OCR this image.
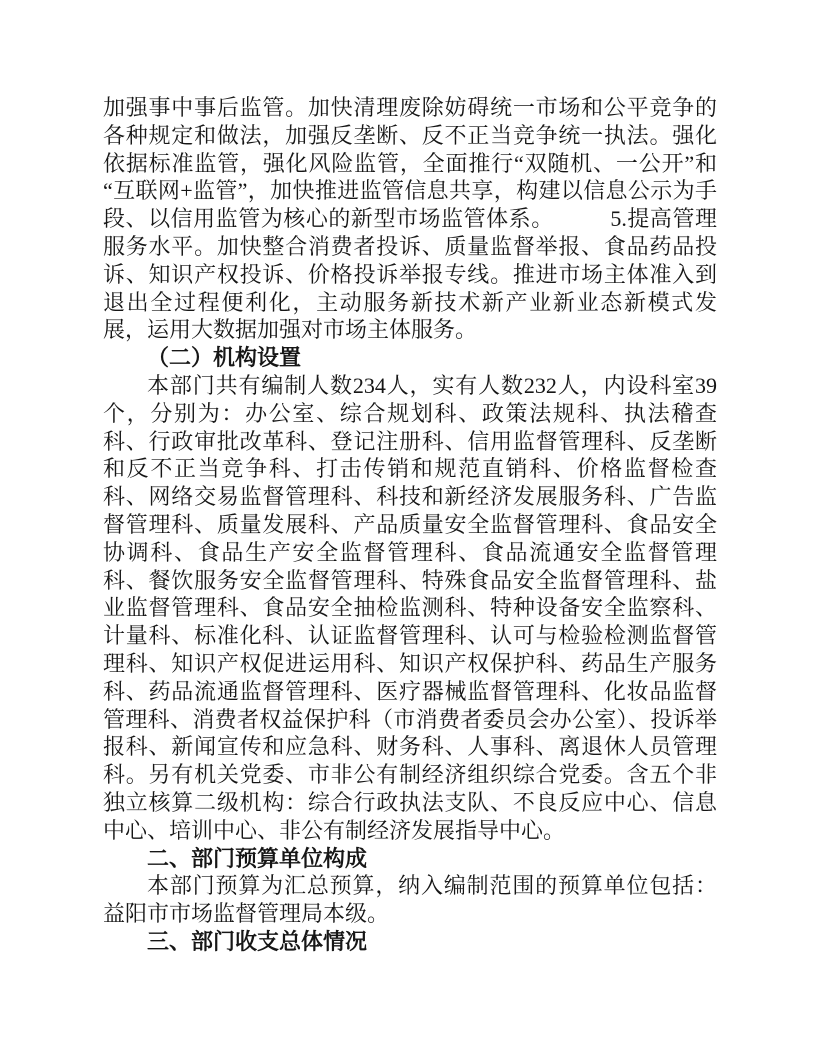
加强事中事后监管。加快清理废除妨碍统一市场和公平竞争的各种规定和做法，加强反垄断、反不正当竞争统一执法。强化依据标准监管，强化风险监管，全面推行“双随机、一公开”和“互联网+监管”，加快推进监管信息共享，构建以信息公示为手段、以信用监管为核心的新型市场监管体系。　　　5.提高管理服务水平。加快整合消费者投诉、质量监督举报、食品药品投诉、知识产权投诉、价格投诉举报专线。推进市场主体准入到退出全过程便利化，主动服务新技术新产业新业态新模式发展，运用大数据加强对市场主体服务。

（二）机构设置

本部门共有编制人数234人，实有人数232人，内设科室39个，分别为：办公室、综合规划科、政策法规科、执法稽查科、行政审批改革科、登记注册科、信用监督管理科、反垄断和反不正当竞争科、打击传销和规范直销科、价格监督检查科、网络交易监督管理科、科技和新经济发展服务科、广告监督管理科、质量发展科、产品质量安全监督管理科、食品安全协调科、食品生产安全监督管理科、食品流通安全监督管理科、餐饮服务安全监督管理科、特殊食品安全监督管理科、盐业监督管理科、食品安全抽检监测科、特种设备安全监察科、计量科、标准化科、认证监督管理科、认可与检验检测监督管理科、知识产权促进运用科、知识产权保护科、药品生产服务科、药品流通监督管理科、医疗器械监督管理科、化妆品监督管理科、消费者权益保护科（市消费者委员会办公室）、投诉举报科、新闻宣传和应急科、财务科、人事科、离退休人员管理科。另有机关党委、市非公有制经济组织综合党委。含五个非独立核算二级机构：综合行政执法支队、不良反应中心、信息中心、培训中心、非公有制经济发展指导中心。

二、部门预算单位构成

本部门预算为汇总预算，纳入编制范围的预算单位包括：益阳市市场监督管理局本级。

三、部门收支总体情况
